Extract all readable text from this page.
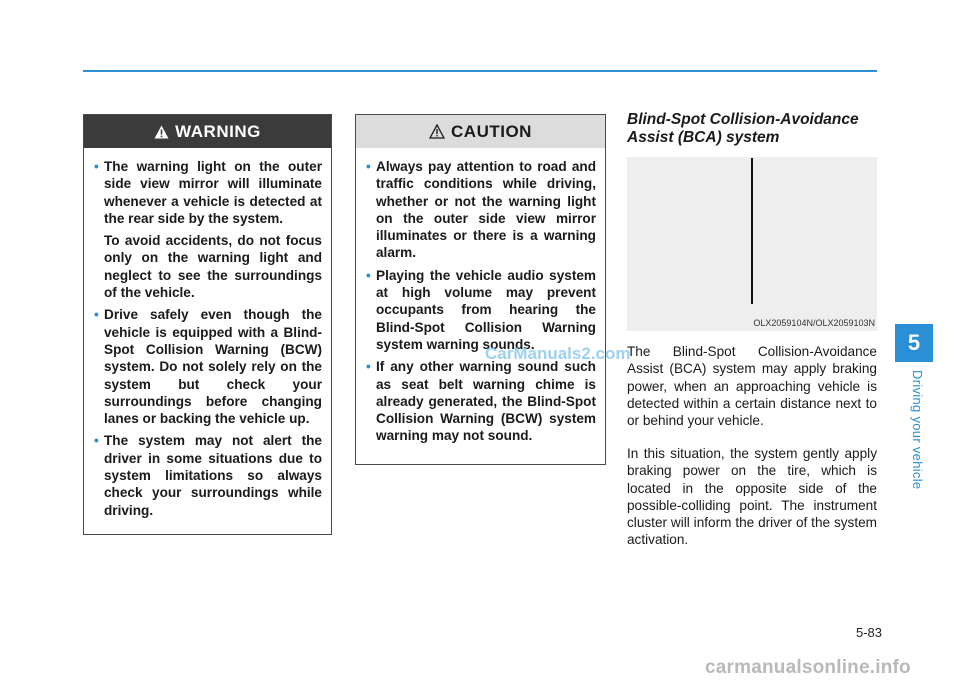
WARNING

• The warning light on the outer side view mirror will illuminate whenever a vehicle is detected at the rear side by the system.

To avoid accidents, do not focus only on the warning light and neglect to see the surroundings of the vehicle.

• Drive safely even though the vehicle is equipped with a Blind-Spot Collision Warning (BCW) system. Do not solely rely on the system but check your surroundings before changing lanes or backing the vehicle up.

• The system may not alert the driver in some situations due to system limitations so always check your surroundings while driving.

CAUTION

• Always pay attention to road and traffic conditions while driving, whether or not the warning light on the outer side view mirror illuminates or there is a warning alarm.

• Playing the vehicle audio system at high volume may prevent occupants from hearing the Blind-Spot Collision Warning system warning sounds.

• If any other warning sound such as seat belt warning chime is already generated, the Blind-Spot Collision Warning (BCW) system warning may not sound.

Blind-Spot Collision-Avoidance Assist (BCA) system
OLX2059104N/OLX2059103N

The Blind-Spot Collision-Avoidance Assist (BCA) system may apply braking power, when an approaching vehicle is detected within a certain distance next to or behind your vehicle.

In this situation, the system gently apply braking power on the tire, which is located in the opposite side of the possible-colliding point. The instrument cluster will inform the driver of the system activation.

5
Driving your vehicle
5-83
CarManuals2.com
carmanualsonline.info
